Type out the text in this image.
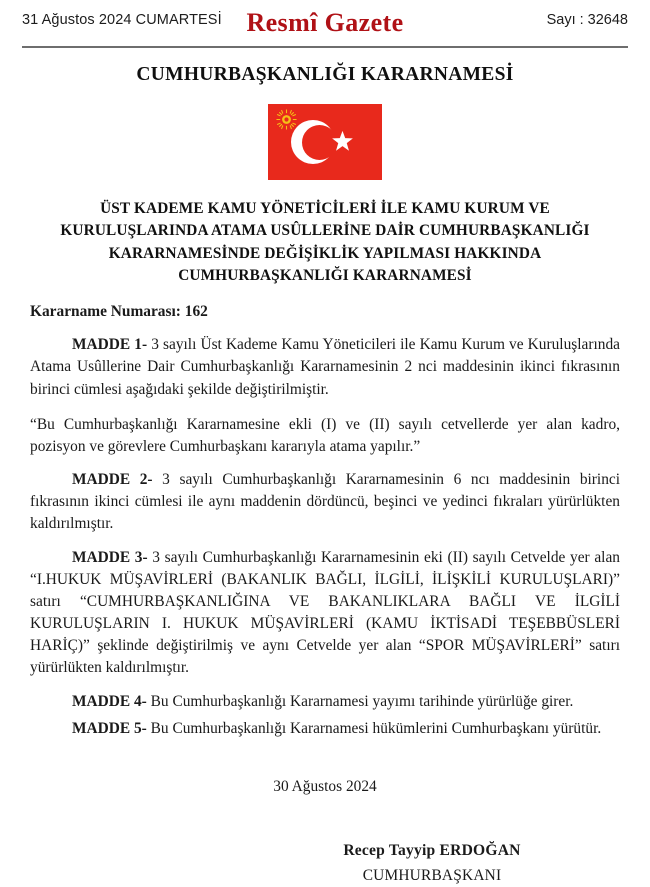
31 Ağustos 2024 CUMARTESİ	Sayı : 32648
Resmî Gazete
CUMHURBAŞKANLIĞI KARARNAMESİ
ÜST KADEME KAMU YÖNETİCİLERİ İLE KAMU KURUM VE
KURULUŞLARINDA ATAMA USÛLLERİNE DAİR CUMHURBAŞKANLIĞI
KARARNAMESİNDE DEĞİŞİKLİK YAPILMASI HAKKINDA
CUMHURBAŞKANLIĞI KARARNAMESİ
Kararname Numarası: 162

MADDE 1- 3 sayılı Üst Kademe Kamu Yöneticileri ile Kamu Kurum ve Kuruluşlarında Atama Usûllerine Dair Cumhurbaşkanlığı Kararnamesinin 2 nci maddesinin ikinci fıkrasının birinci cümlesi aşağıdaki şekilde değiştirilmiştir.

“Bu Cumhurbaşkanlığı Kararnamesine ekli (I) ve (II) sayılı cetvellerde yer alan kadro, pozisyon ve görevlere Cumhurbaşkanı kararıyla atama yapılır.”

MADDE 2- 3 sayılı Cumhurbaşkanlığı Kararnamesinin 6 ncı maddesinin birinci fıkrasının ikinci cümlesi ile aynı maddenin dördüncü, beşinci ve yedinci fıkraları yürürlükten kaldırılmıştır.

MADDE 3- 3 sayılı Cumhurbaşkanlığı Kararnamesinin eki (II) sayılı Cetvelde yer alan “I.HUKUK MÜŞAVİRLERİ (BAKANLIK BAĞLI, İLGİLİ, İLİŞKİLİ KURULUŞLARI)” satırı “CUMHURBAŞKANLIĞINA VE BAKANLIKLARA BAĞLI VE İLGİLİ KURULUŞLARIN I. HUKUK MÜŞAVİRLERİ (KAMU İKTİSADİ TEŞEBBÜSLERİ HARİÇ)” şeklinde değiştirilmiş ve aynı Cetvelde yer alan “SPOR MÜŞAVİRLERİ” satırı yürürlükten kaldırılmıştır.

MADDE 4- Bu Cumhurbaşkanlığı Kararnamesi yayımı tarihinde yürürlüğe girer.

MADDE 5- Bu Cumhurbaşkanlığı Kararnamesi hükümlerini Cumhurbaşkanı yürütür.

30 Ağustos 2024
Recep Tayyip ERDOĞAN
CUMHURBAŞKANI
